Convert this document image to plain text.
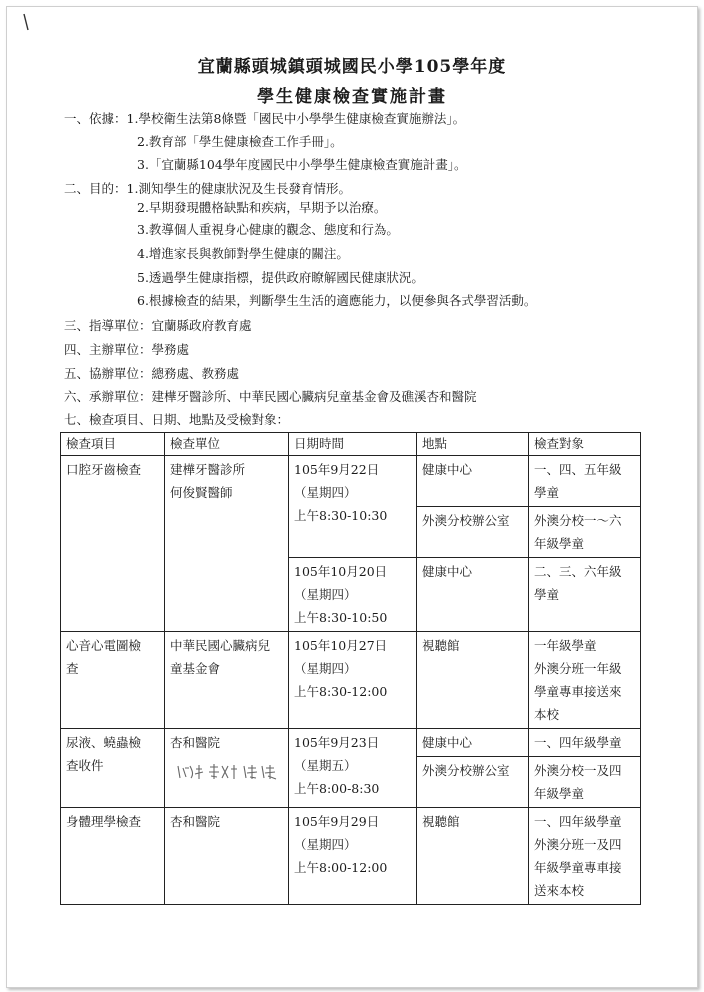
宜蘭縣頭城鎮頭城國民小學105學年度
學生健康檢查實施計畫
一、依據：1.學校衛生法第8條暨「國民中小學學生健康檢查實施辦法」。
2.教育部「學生健康檢查工作手冊」。
3.「宜蘭縣104學年度國民中小學學生健康檢查實施計畫」。
二、目的：1.測知學生的健康狀況及生長發育情形。
2.早期發現體格缺點和疾病，早期予以治療。
3.教導個人重視身心健康的觀念、態度和行為。
4.增進家長與教師對學生健康的關注。
5.透過學生健康指標，提供政府瞭解國民健康狀況。
6.根據檢查的結果，判斷學生生活的適應能力，以便參與各式學習活動。
三、指導單位：宜蘭縣政府教育處
四、主辦單位：學務處
五、協辦單位：總務處、教務處
六、承辦單位：建樺牙醫診所、中華民國心臟病兒童基金會及礁溪杏和醫院
七、檢查項目、日期、地點及受檢對象：
檢查項目	檢查單位	日期時間	地點	檢查對象
口腔牙齒檢查	建樺牙醫診所
何俊賢醫師	105年9月22日
（星期四）
上午8:30-10:30	健康中心	一、四、五年級
學童
			外澳分校辦公室	外澳分校一～六
年級學童
		105年10月20日
（星期四）
上午8:30-10:50	健康中心	二、三、六年級
學童
心音心電圖檢
查	中華民國心臟病兒
童基金會	105年10月27日
（星期四）
上午8:30-12:00	視聽館	一年級學童
外澳分班一年級
學童專車接送來
本校
尿液、蟯蟲檢
查收件	杏和醫院	105年9月23日
（星期五）
上午8:00-8:30	健康中心	一、四年級學童
			外澳分校辦公室	外澳分校一及四
年級學童
身體理學檢查	杏和醫院	105年9月29日
（星期四）
上午8:00-12:00	視聽館	一、四年級學童
外澳分班一及四
年級學童專車接
送來本校
